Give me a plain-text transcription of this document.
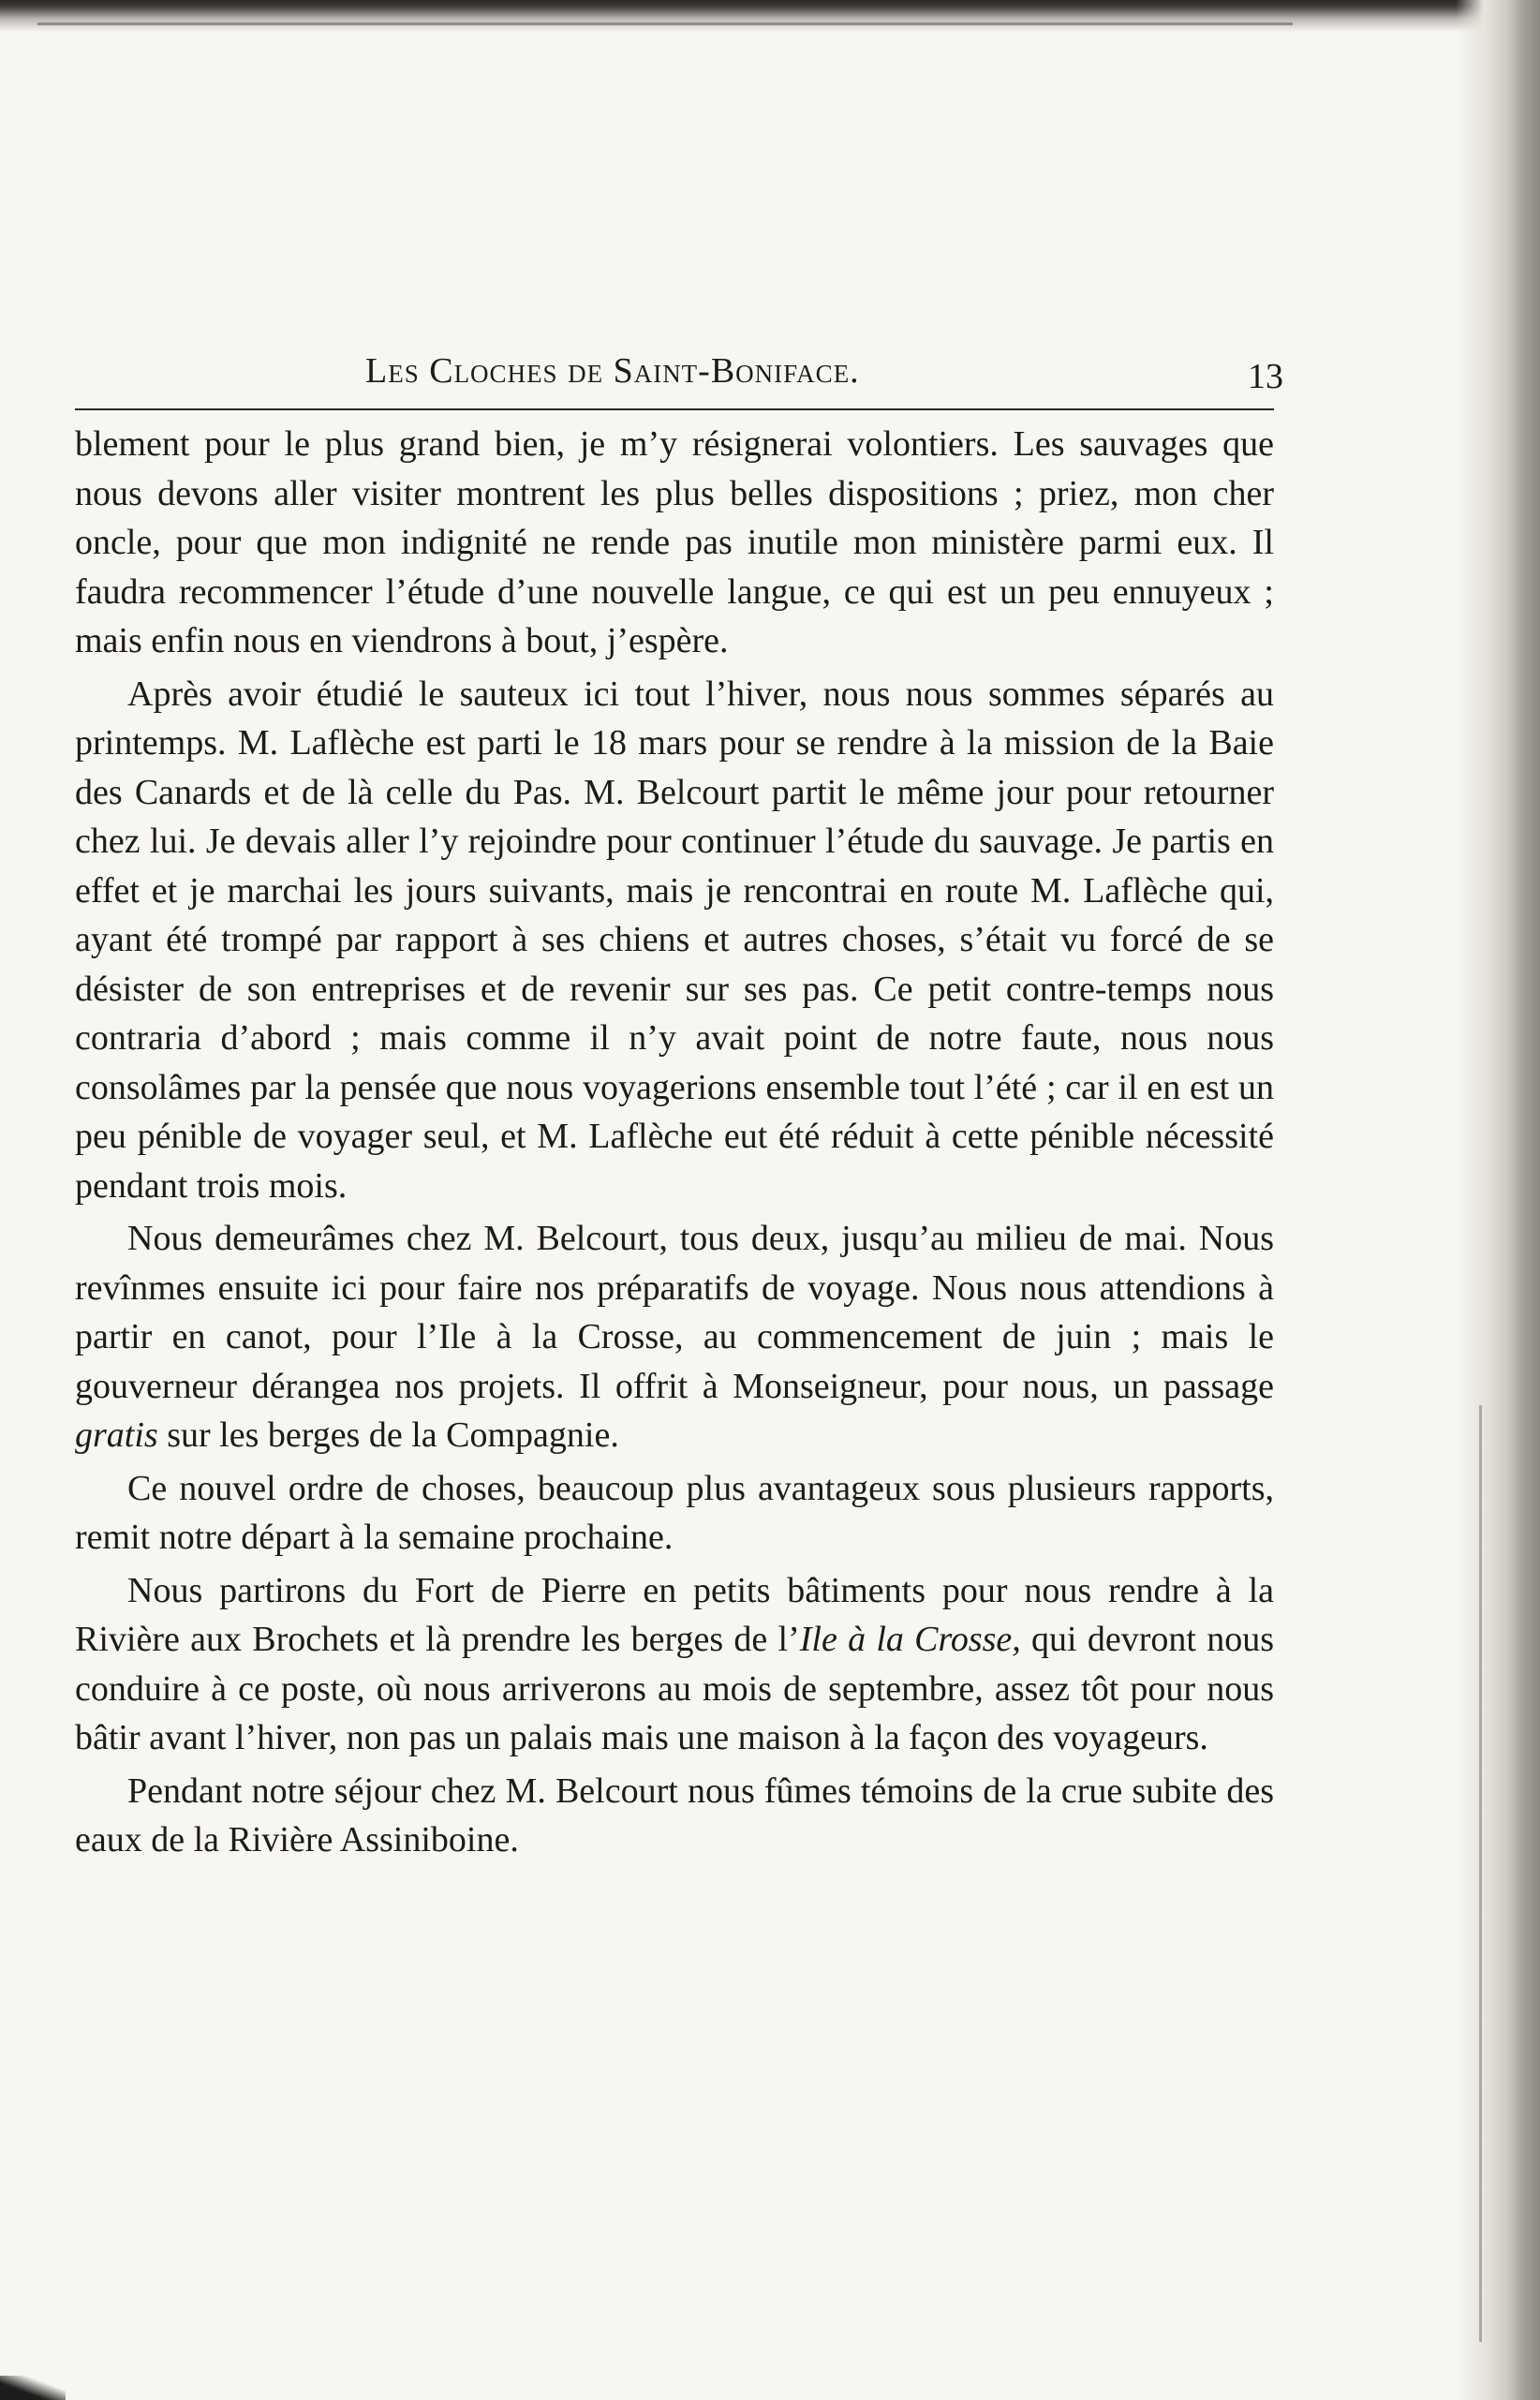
Les Cloches de Saint-Boniface.	13

blement pour le plus grand bien, je m’y résignerai volontiers. Les sauvages que nous devons aller visiter montrent les plus belles dispositions ; priez, mon cher oncle, pour que mon indignité ne rende pas inutile mon ministère parmi eux. Il faudra recommencer l’étude d’une nouvelle langue, ce qui est un peu ennuyeux ; mais enfin nous en viendrons à bout, j’espère.

Après avoir étudié le sauteux ici tout l’hiver, nous nous sommes séparés au printemps. M. Laflèche est parti le 18 mars pour se rendre à la mission de la Baie des Canards et de là celle du Pas. M. Belcourt partit le même jour pour retourner chez lui. Je devais aller l’y rejoindre pour continuer l’étude du sauvage. Je partis en effet et je marchai les jours suivants, mais je rencontrai en route M. Laflèche qui, ayant été trompé par rapport à ses chiens et autres choses, s’était vu forcé de se désister de son entreprises et de revenir sur ses pas. Ce petit contre-temps nous contraria d’abord ; mais comme il n’y avait point de notre faute, nous nous consolâmes par la pensée que nous voyagerions ensemble tout l’été ; car il en est un peu pénible de voyager seul, et M. Laflèche eut été réduit à cette pénible nécessité pendant trois mois.

Nous demeurâmes chez M. Belcourt, tous deux, jusqu’au milieu de mai. Nous revînmes ensuite ici pour faire nos préparatifs de voyage. Nous nous attendions à partir en canot, pour l’Ile à la Crosse, au commencement de juin ; mais le gouverneur dérangea nos projets. Il offrit à Monseigneur, pour nous, un passage gratis sur les berges de la Compagnie.

Ce nouvel ordre de choses, beaucoup plus avantageux sous plusieurs rapports, remit notre départ à la semaine prochaine.

Nous partirons du Fort de Pierre en petits bâtiments pour nous rendre à la Rivière aux Brochets et là prendre les berges de l’Ile à la Crosse, qui devront nous conduire à ce poste, où nous arriverons au mois de septembre, assez tôt pour nous bâtir avant l’hiver, non pas un palais mais une maison à la façon des voyageurs.

Pendant notre séjour chez M. Belcourt nous fûmes témoins de la crue subite des eaux de la Rivière Assiniboine.
